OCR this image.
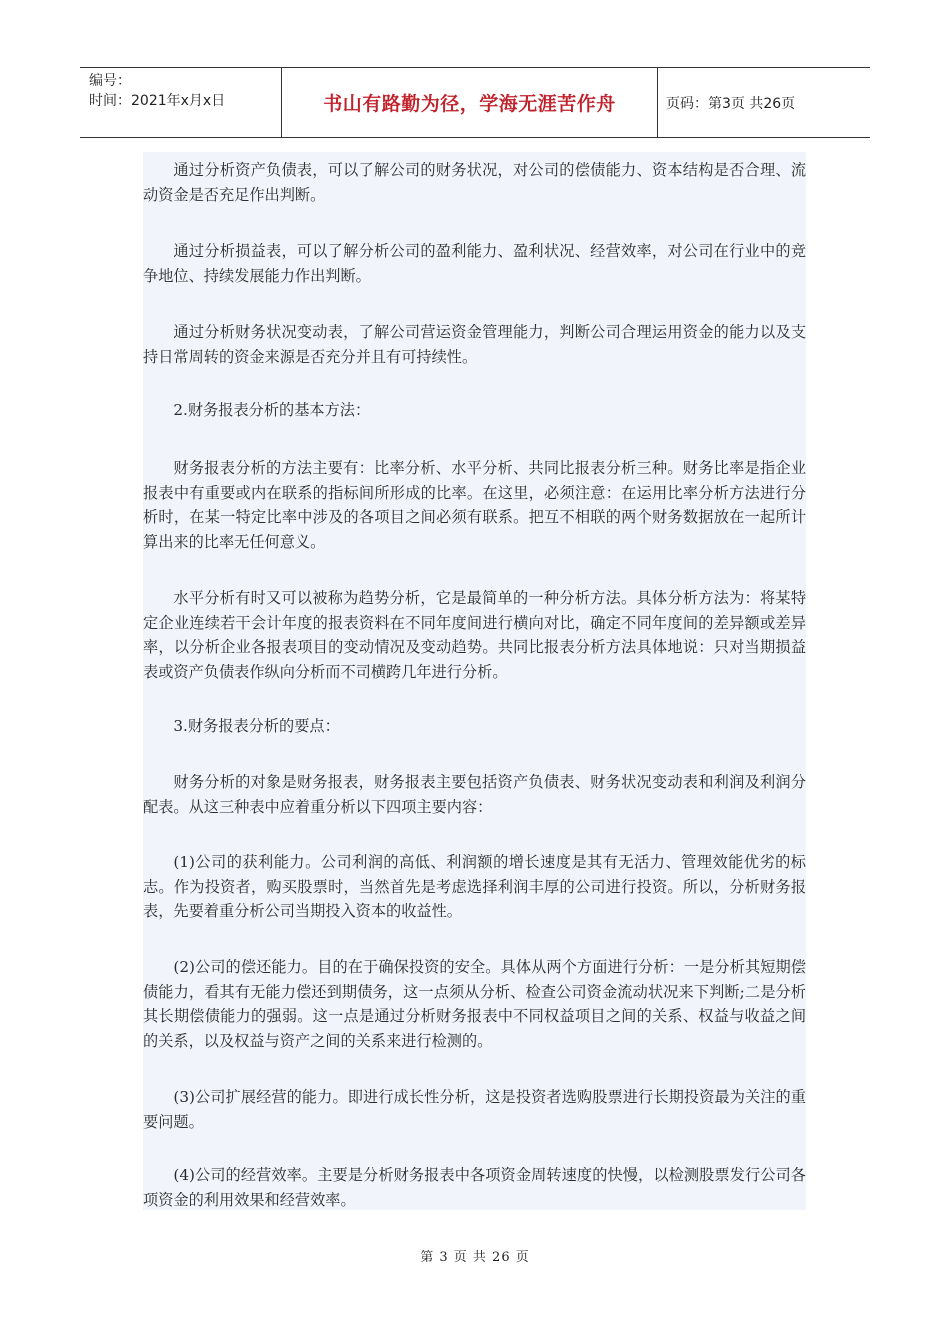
编号：
时间：2021年x月x日	书山有路勤为径，学海无涯苦作舟	页码：第3页 共26页
通过分析资产负债表，可以了解公司的财务状况，对公司的偿债能力、资本结构是否合理、流动资金是否充足作出判断。
通过分析损益表，可以了解分析公司的盈利能力、盈利状况、经营效率，对公司在行业中的竞争地位、持续发展能力作出判断。
通过分析财务状况变动表，了解公司营运资金管理能力，判断公司合理运用资金的能力以及支持日常周转的资金来源是否充分并且有可持续性。
2.财务报表分析的基本方法：
财务报表分析的方法主要有：比率分析、水平分析、共同比报表分析三种。财务比率是指企业报表中有重要或内在联系的指标间所形成的比率。在这里，必须注意：在运用比率分析方法进行分析时，在某一特定比率中涉及的各项目之间必须有联系。把互不相联的两个财务数据放在一起所计算出来的比率无任何意义。
水平分析有时又可以被称为趋势分析，它是最简单的一种分析方法。具体分析方法为：将某特定企业连续若干会计年度的报表资料在不同年度间进行横向对比，确定不同年度间的差异额或差异率，以分析企业各报表项目的变动情况及变动趋势。共同比报表分析方法具体地说：只对当期损益表或资产负债表作纵向分析而不司横跨几年进行分析。
3.财务报表分析的要点：
财务分析的对象是财务报表，财务报表主要包括资产负债表、财务状况变动表和利润及利润分配表。从这三种表中应着重分析以下四项主要内容：
(1)公司的获利能力。公司利润的高低、利润额的增长速度是其有无活力、管理效能优劣的标志。作为投资者，购买股票时，当然首先是考虑选择利润丰厚的公司进行投资。所以，分析财务报表，先要着重分析公司当期投入资本的收益性。
(2)公司的偿还能力。目的在于确保投资的安全。具体从两个方面进行分析：一是分析其短期偿债能力，看其有无能力偿还到期债务，这一点须从分析、检查公司资金流动状况来下判断;二是分析其长期偿债能力的强弱。这一点是通过分析财务报表中不同权益项目之间的关系、权益与收益之间的关系，以及权益与资产之间的关系来进行检测的。
(3)公司扩展经营的能力。即进行成长性分析，这是投资者选购股票进行长期投资最为关注的重要问题。
(4)公司的经营效率。主要是分析财务报表中各项资金周转速度的快慢，以检测股票发行公司各项资金的利用效果和经营效率。
第 3 页 共 26 页
